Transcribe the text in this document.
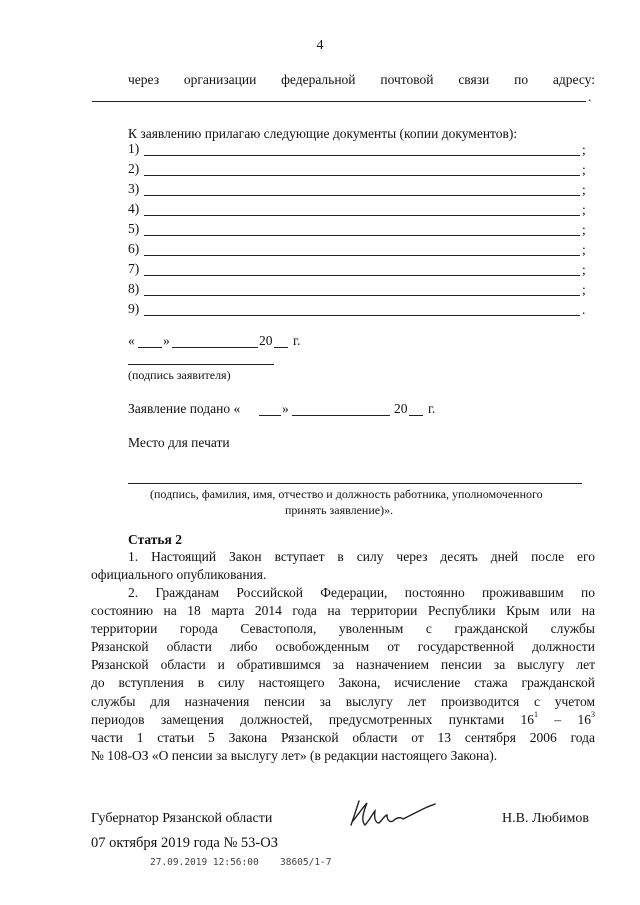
4
через организации федеральной почтовой связи по адресу:
.
К заявлению прилагаю следующие документы (копии документов):
1)	;
2)	;
3)	;
4)	;
5)	;
6)	;
7)	;
8)	;
9)	.
« »	20 г.
(подпись заявителя)
Заявление подано «	»	20 г.
Место для печати
(подпись, фамилия, имя, отчество и должность работника, уполномоченного
принять заявление)».
Статья 2
1. Настоящий Закон вступает в силу через десять дней после его
официального опубликования.
2. Гражданам Российской Федерации, постоянно проживавшим по
состоянию на 18 марта 2014 года на территории Республики Крым или на
территории города Севастополя, уволенным с гражданской службы
Рязанской области либо освобожденным от государственной должности
Рязанской области и обратившимся за назначением пенсии за выслугу лет
до вступления в силу настоящего Закона, исчисление стажа гражданской
службы для назначения пенсии за выслугу лет производится с учетом
периодов замещения должностей, предусмотренных пунктами $16^1 - 16^3$
части 1 статьи 5 Закона Рязанской области от 13 сентября 2006 года
№ 108-ОЗ «О пенсии за выслугу лет» (в редакции настоящего Закона).
Губернатор Рязанской области	Н.В. Любимов
07 октября 2019 года № 53-ОЗ
27.09.2019 12:56:00 38605/1-7
